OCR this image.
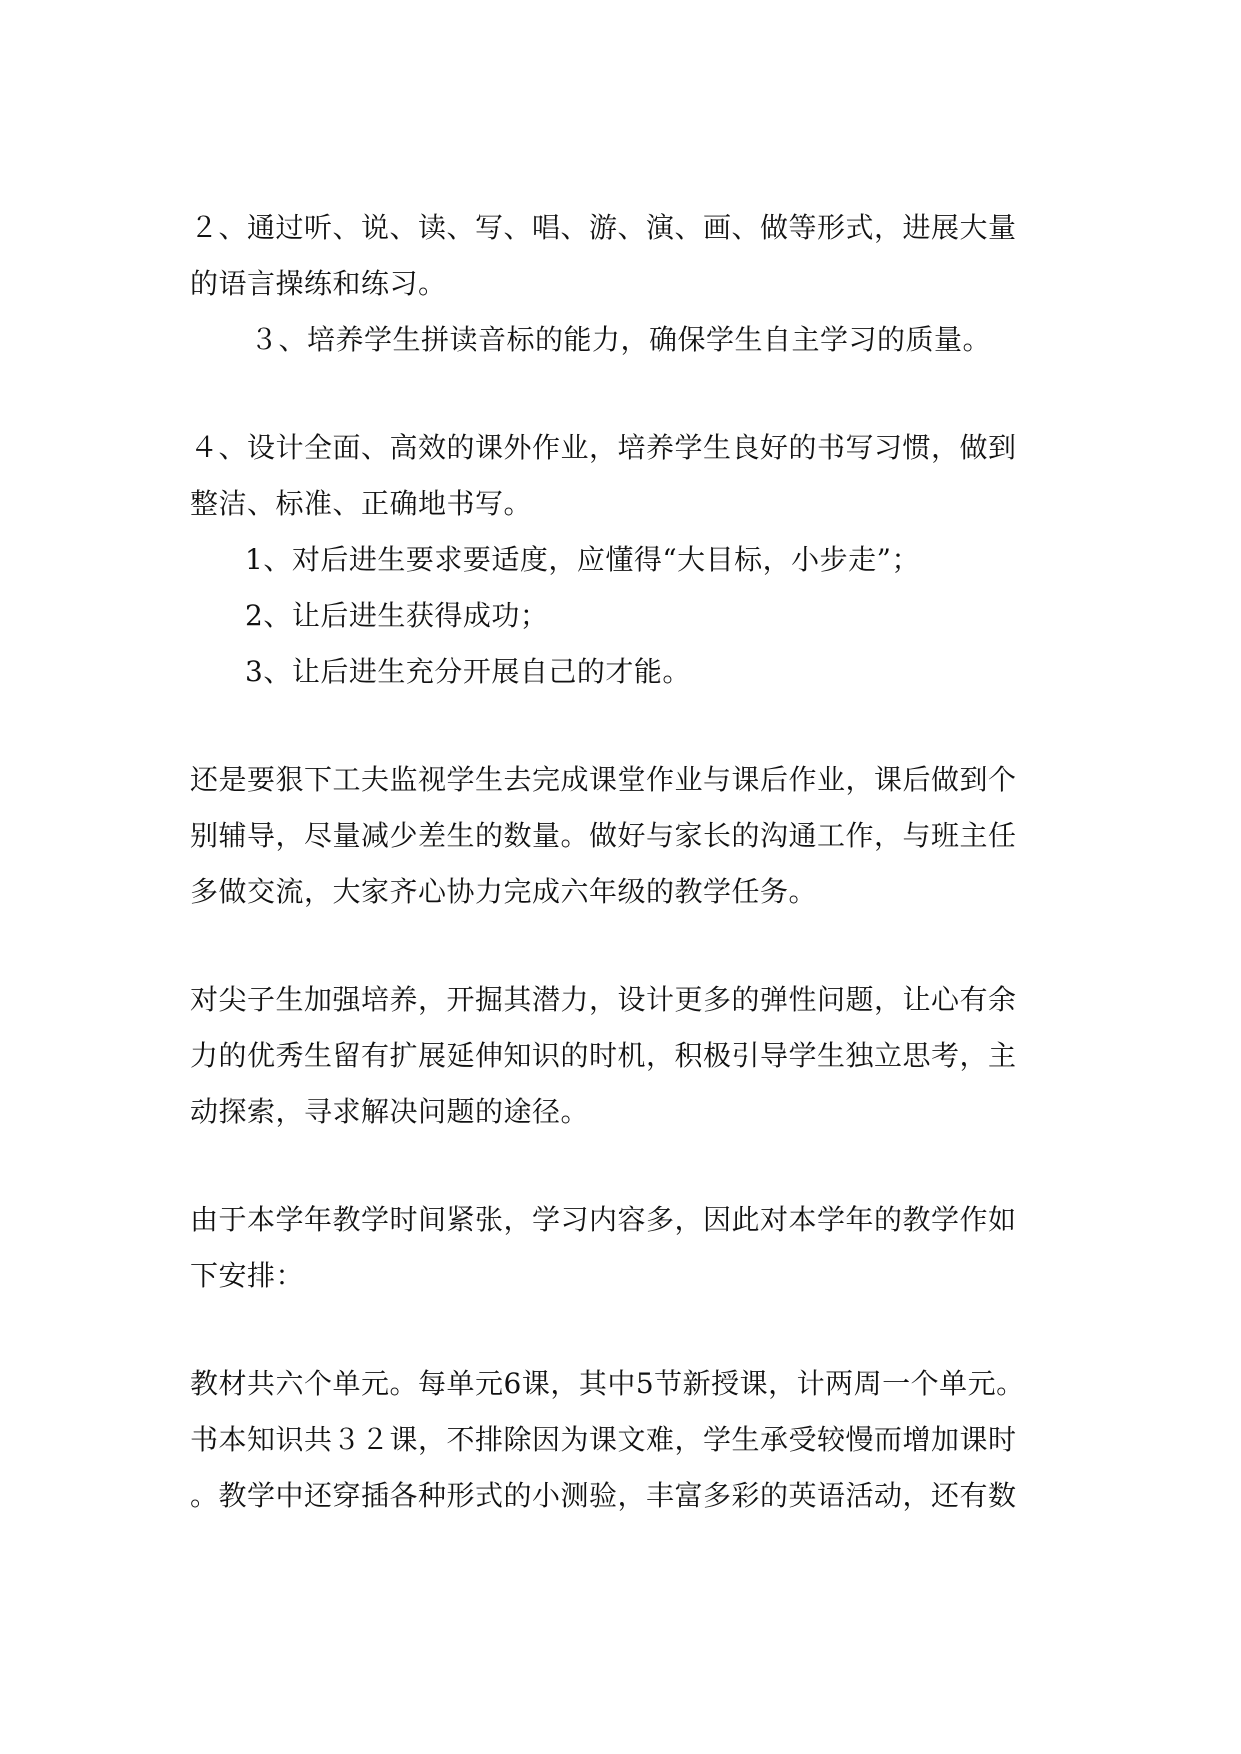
２、通过听、说、读、写、唱、游、演、画、做等形式，进展大量
的语言操练和练习。
３、培养学生拼读音标的能力，确保学生自主学习的质量。
４、设计全面、高效的课外作业，培养学生良好的书写习惯，做到
整洁、标准、正确地书写。
1、对后进生要求要适度，应懂得“大目标，小步走”；
2、让后进生获得成功；
3、让后进生充分开展自己的才能。
还是要狠下工夫监视学生去完成课堂作业与课后作业，课后做到个
别辅导，尽量减少差生的数量。做好与家长的沟通工作，与班主任
多做交流，大家齐心协力完成六年级的教学任务。
对尖子生加强培养，开掘其潜力，设计更多的弹性问题，让心有余
力的优秀生留有扩展延伸知识的时机，积极引导学生独立思考，主
动探索，寻求解决问题的途径。
由于本学年教学时间紧张，学习内容多，因此对本学年的教学作如
下安排：
教材共六个单元。每单元6课，其中5节新授课，计两周一个单元。
书本知识共３２课，不排除因为课文难，学生承受较慢而增加课时
。教学中还穿插各种形式的小测验，丰富多彩的英语活动，还有数
